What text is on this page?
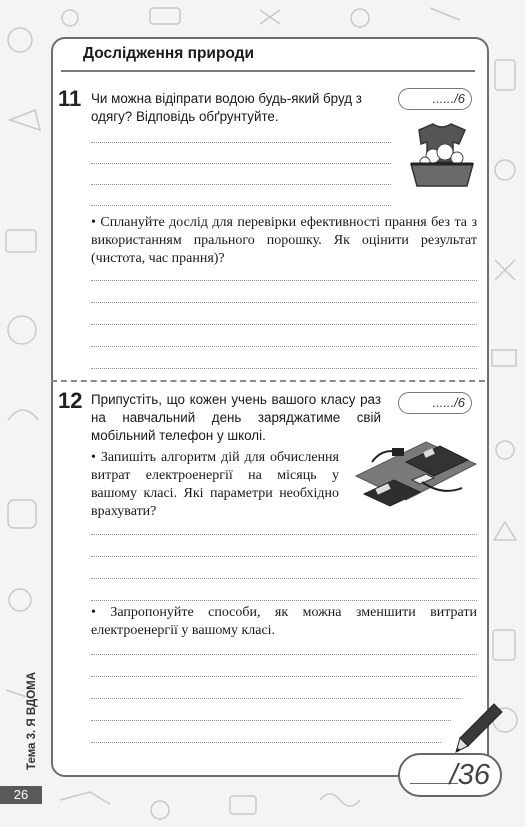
Дослідження природи
11 Чи можна відіпрати водою будь-який бруд з одягу? Відповідь обґрунтуйте.
....../6
• Сплануйте дослід для перевірки ефективності прання без та з використанням прального порошку. Як оцінити результат (чистота, час прання)?
12 Припустіть, що кожен учень вашого класу раз на навчальний день заряджатиме свій мобільний телефон у школі.
....../6
• Запишіть алгоритм дій для обчислення витрат електроенергії на місяць у вашому класі. Які параметри необхідно врахувати?
• Запропонуйте способи, як можна зменшити витрати електроенергії у вашому класі.
/36
Тема 3. Я ВДОМА
26
